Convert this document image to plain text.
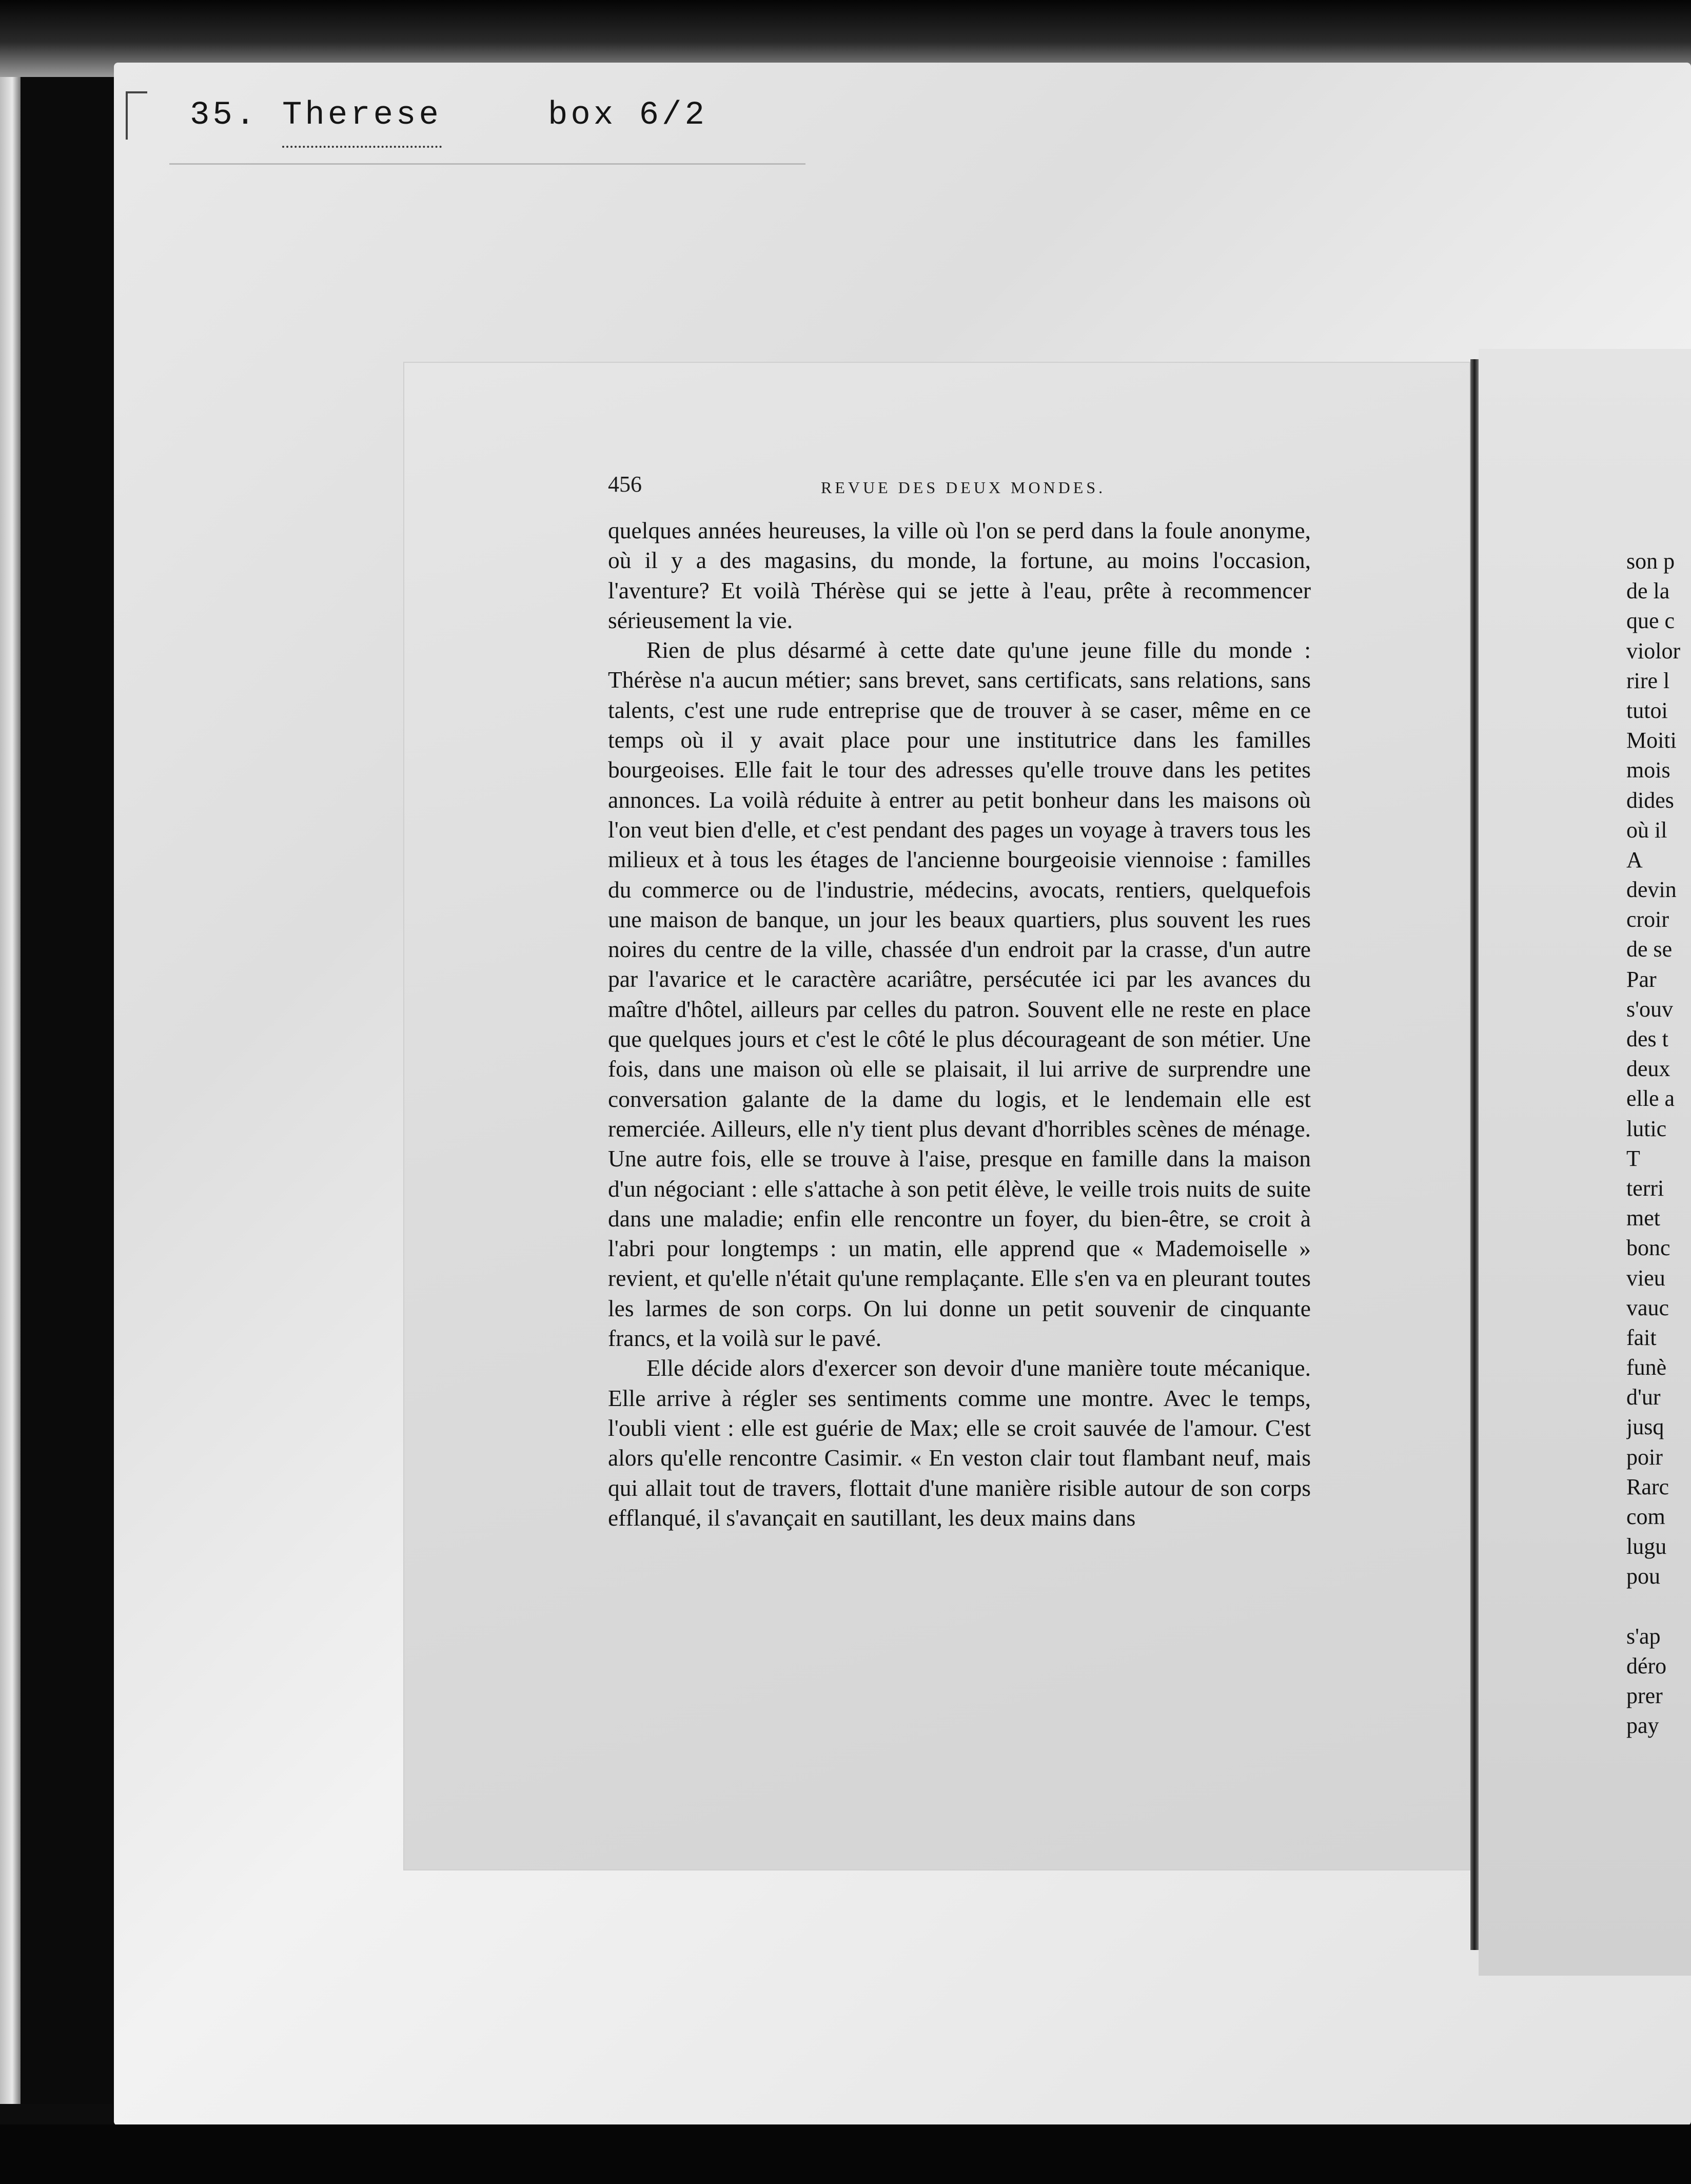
35. Therese	box 6/2
456	REVUE DES DEUX MONDES.

quelques années heureuses, la ville où l'on se perd dans la foule anonyme, où il y a des magasins, du monde, la fortune, au moins l'occasion, l'aventure? Et voilà Thérèse qui se jette à l'eau, prête à recommencer sérieusement la vie.

Rien de plus désarmé à cette date qu'une jeune fille du monde : Thérèse n'a aucun métier; sans brevet, sans certificats, sans relations, sans talents, c'est une rude entreprise que de trouver à se caser, même en ce temps où il y avait place pour une institutrice dans les familles bourgeoises. Elle fait le tour des adresses qu'elle trouve dans les petites annonces. La voilà réduite à entrer au petit bonheur dans les maisons où l'on veut bien d'elle, et c'est pendant des pages un voyage à travers tous les milieux et à tous les étages de l'ancienne bourgeoisie viennoise : familles du commerce ou de l'industrie, médecins, avocats, rentiers, quelquefois une maison de banque, un jour les beaux quartiers, plus souvent les rues noires du centre de la ville, chassée d'un endroit par la crasse, d'un autre par l'avarice et le caractère acariâtre, persécutée ici par les avances du maître d'hôtel, ailleurs par celles du patron. Souvent elle ne reste en place que quelques jours et c'est le côté le plus décourageant de son métier. Une fois, dans une maison où elle se plaisait, il lui arrive de surprendre une conversation galante de la dame du logis, et le lendemain elle est remerciée. Ailleurs, elle n'y tient plus devant d'horribles scènes de ménage. Une autre fois, elle se trouve à l'aise, presque en famille dans la maison d'un négociant : elle s'attache à son petit élève, le veille trois nuits de suite dans une maladie; enfin elle rencontre un foyer, du bien-être, se croit à l'abri pour longtemps : un matin, elle apprend que « Mademoiselle » revient, et qu'elle n'était qu'une remplaçante. Elle s'en va en pleurant toutes les larmes de son corps. On lui donne un petit souvenir de cinquante francs, et la voilà sur le pavé.

Elle décide alors d'exercer son devoir d'une manière toute mécanique. Elle arrive à régler ses sentiments comme une montre. Avec le temps, l'oubli vient : elle est guérie de Max; elle se croit sauvée de l'amour. C'est alors qu'elle rencontre Casimir. « En veston clair tout flambant neuf, mais qui allait tout de travers, flottait d'une manière risible autour de son corps efflanqué, il s'avançait en sautillant, les deux mains dans

son p
de la
que c
violor
rire l
tutoi
Moiti
mois
dides
où il
A
devin
croir
de se
Par
s'ouv
des t
deux
elle a
lutic
T
terri
met
bonc
vieu
vauc
fait
funè
d'ur
jusq
poir
Rarc
com
lugu
pou
s'ap
déro
prer
pay
